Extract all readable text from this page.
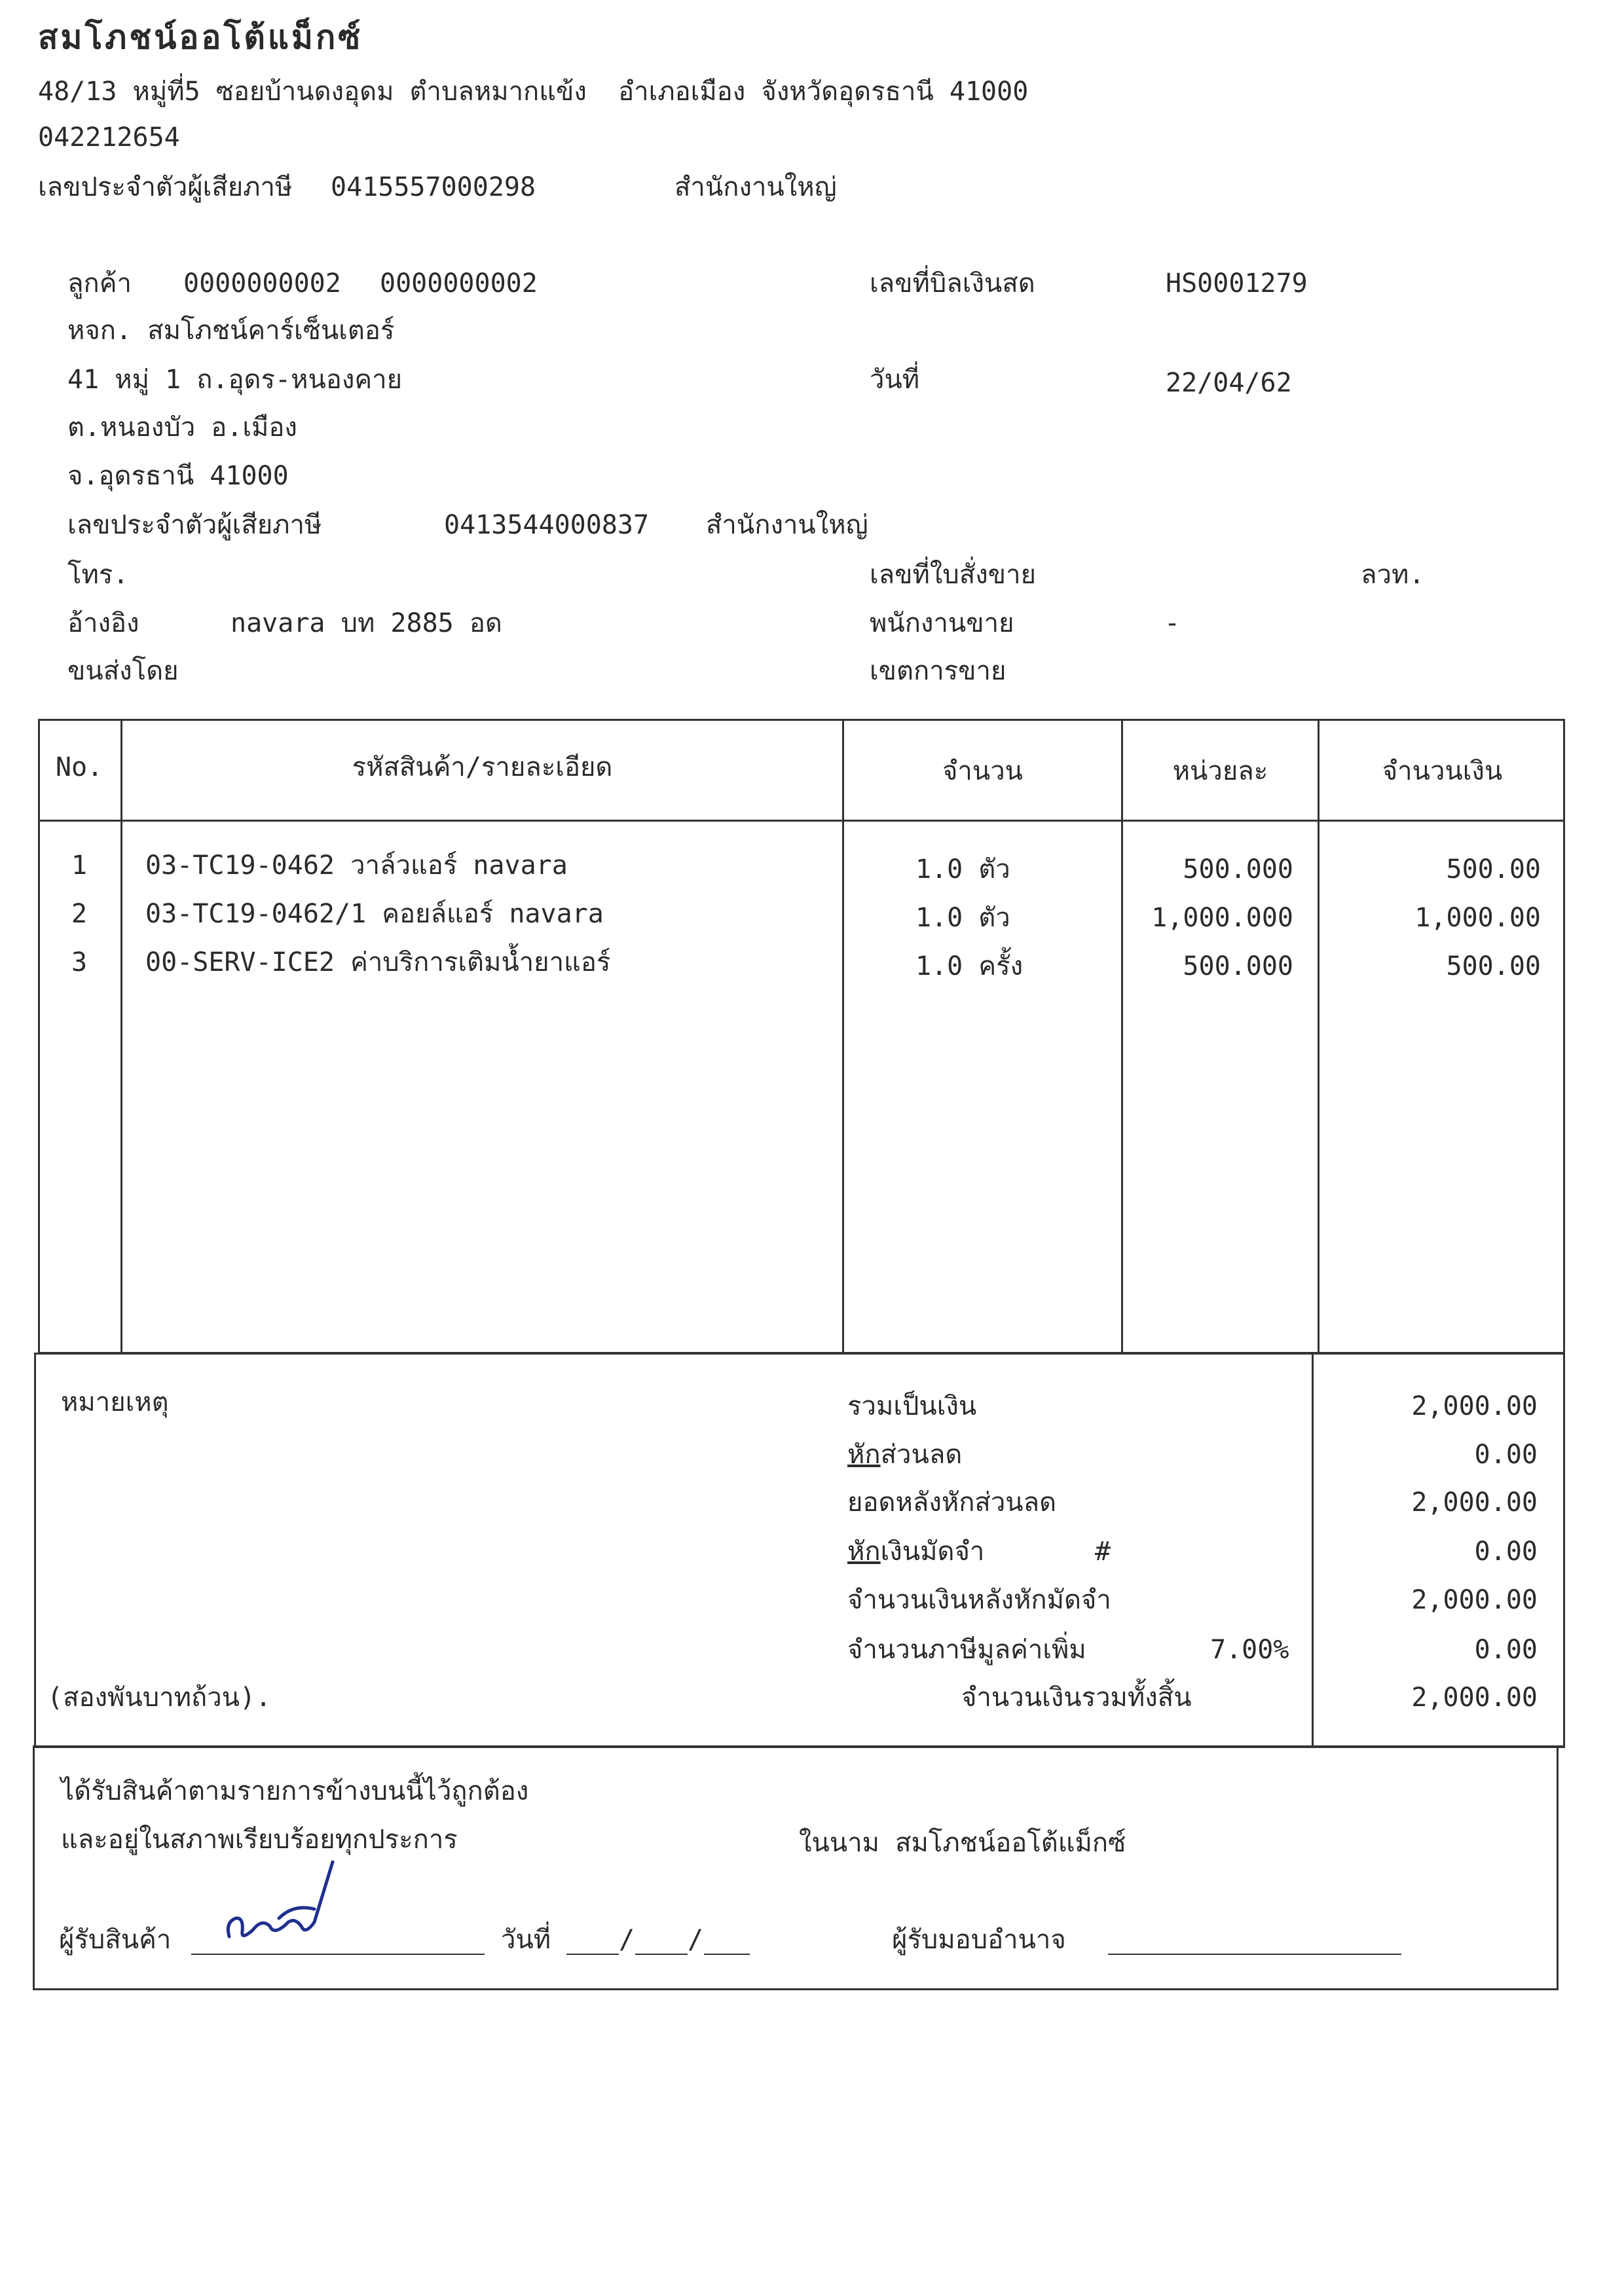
สมโภชน์ออโต้แม็กซ์
48/13 หมู่ที่5 ซอยบ้านดงอุดม ตำบลหมากแข้ง  อำเภอเมือง จังหวัดอุดรธานี 41000
042212654
เลขประจำตัวผู้เสียภาษี 0415557000298	สำนักงานใหญ่
ลูกค้า 0000000002 0000000002
หจก. สมโภชน์คาร์เซ็นเตอร์
41 หมู่ 1 ถ.อุดร-หนองคาย
ต.หนองบัว อ.เมือง
จ.อุดรธานี 41000
เลขประจำตัวผู้เสียภาษี	0413544000837 สำนักงานใหญ่
โทร.
อ้างอิง	navara บท 2885 อด
ขนส่งโดย
เลขที่บิลเงินสด	HS0001279
วันที่	22/04/62
เลขที่ใบสั่งขาย	ลวท.
พนักงานขาย	-
เขตการขาย
No.	รหัสสินค้า/รายละเอียด	จำนวน	หน่วยละ	จำนวนเงิน
1	03-TC19-0462 วาล์วแอร์ navara	1.0 ตัว	500.000	500.00
2	03-TC19-0462/1 คอยล์แอร์ navara	1.0 ตัว	1,000.000	1,000.00
3	00-SERV-ICE2 ค่าบริการเติมน้ำยาแอร์	1.0 ครั้ง	500.000	500.00
หมายเหตุ	รวมเป็นเงิน	2,000.00
หักส่วนลด	0.00
ยอดหลังหักส่วนลด	2,000.00
หักเงินมัดจำ	#	0.00
จำนวนเงินหลังหักมัดจำ	2,000.00
จำนวนภาษีมูลค่าเพิ่ม	7.00%	0.00
(สองพันบาทถ้วน).	จำนวนเงินรวมทั้งสิ้น	2,000.00
ได้รับสินค้าตามรายการข้างบนนี้ไว้ถูกต้อง
และอยู่ในสภาพเรียบร้อยทุกประการ	ในนาม สมโภชน์ออโต้แม็กซ์
ผู้รับสินค้า	วันที่	/ /	ผู้รับมอบอำนาจ
